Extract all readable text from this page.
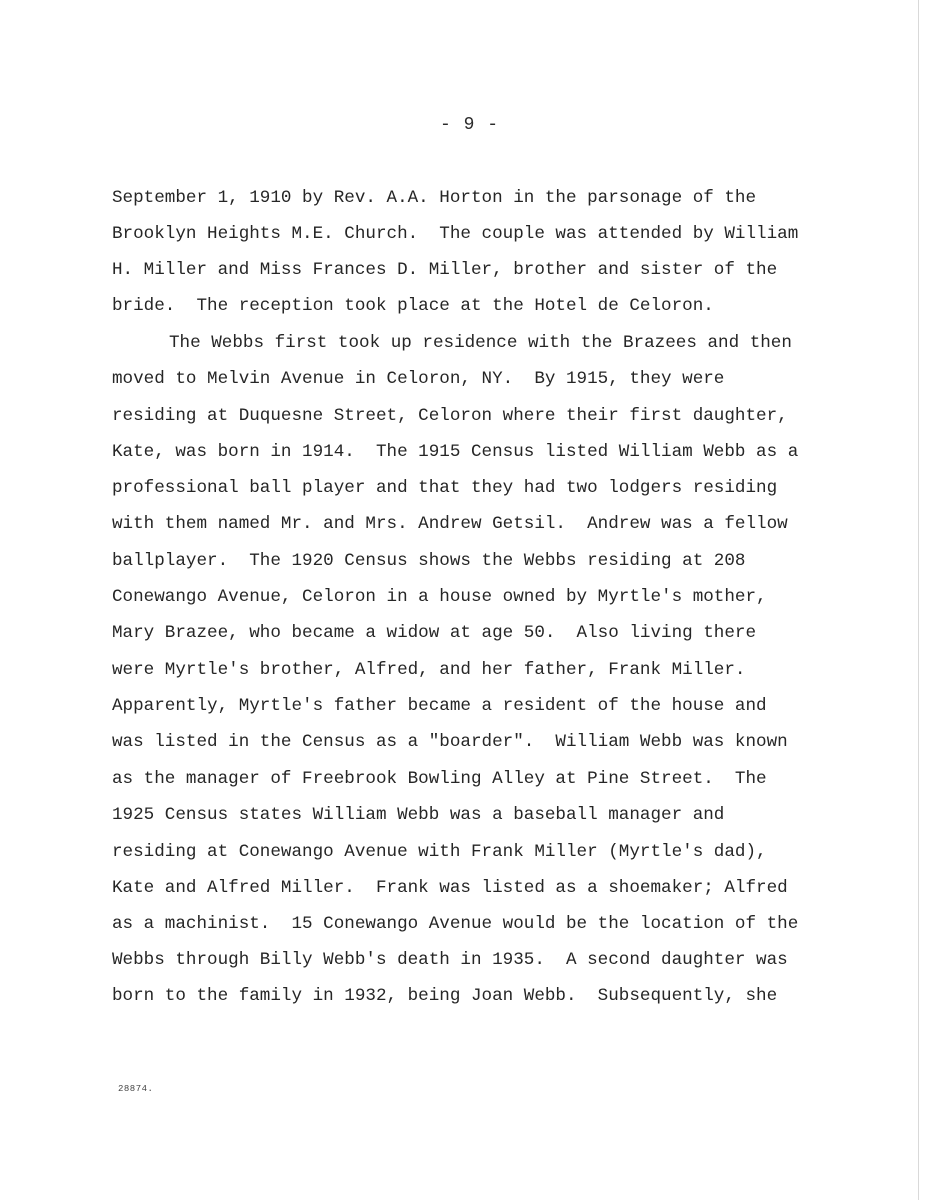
- 9 -
September 1, 1910 by Rev. A.A. Horton in the parsonage of the
Brooklyn Heights M.E. Church.  The couple was attended by William
H. Miller and Miss Frances D. Miller, brother and sister of the
bride.  The reception took place at the Hotel de Celoron.
The Webbs first took up residence with the Brazees and then
moved to Melvin Avenue in Celoron, NY.  By 1915, they were
residing at Duquesne Street, Celoron where their first daughter,
Kate, was born in 1914.  The 1915 Census listed William Webb as a
professional ball player and that they had two lodgers residing
with them named Mr. and Mrs. Andrew Getsil.  Andrew was a fellow
ballplayer.  The 1920 Census shows the Webbs residing at 208
Conewango Avenue, Celoron in a house owned by Myrtle's mother,
Mary Brazee, who became a widow at age 50.  Also living there
were Myrtle's brother, Alfred, and her father, Frank Miller.
Apparently, Myrtle's father became a resident of the house and
was listed in the Census as a "boarder".  William Webb was known
as the manager of Freebrook Bowling Alley at Pine Street.  The
1925 Census states William Webb was a baseball manager and
residing at Conewango Avenue with Frank Miller (Myrtle's dad),
Kate and Alfred Miller.  Frank was listed as a shoemaker; Alfred
as a machinist.  15 Conewango Avenue would be the location of the
Webbs through Billy Webb's death in 1935.  A second daughter was
born to the family in 1932, being Joan Webb.  Subsequently, she
28874.
